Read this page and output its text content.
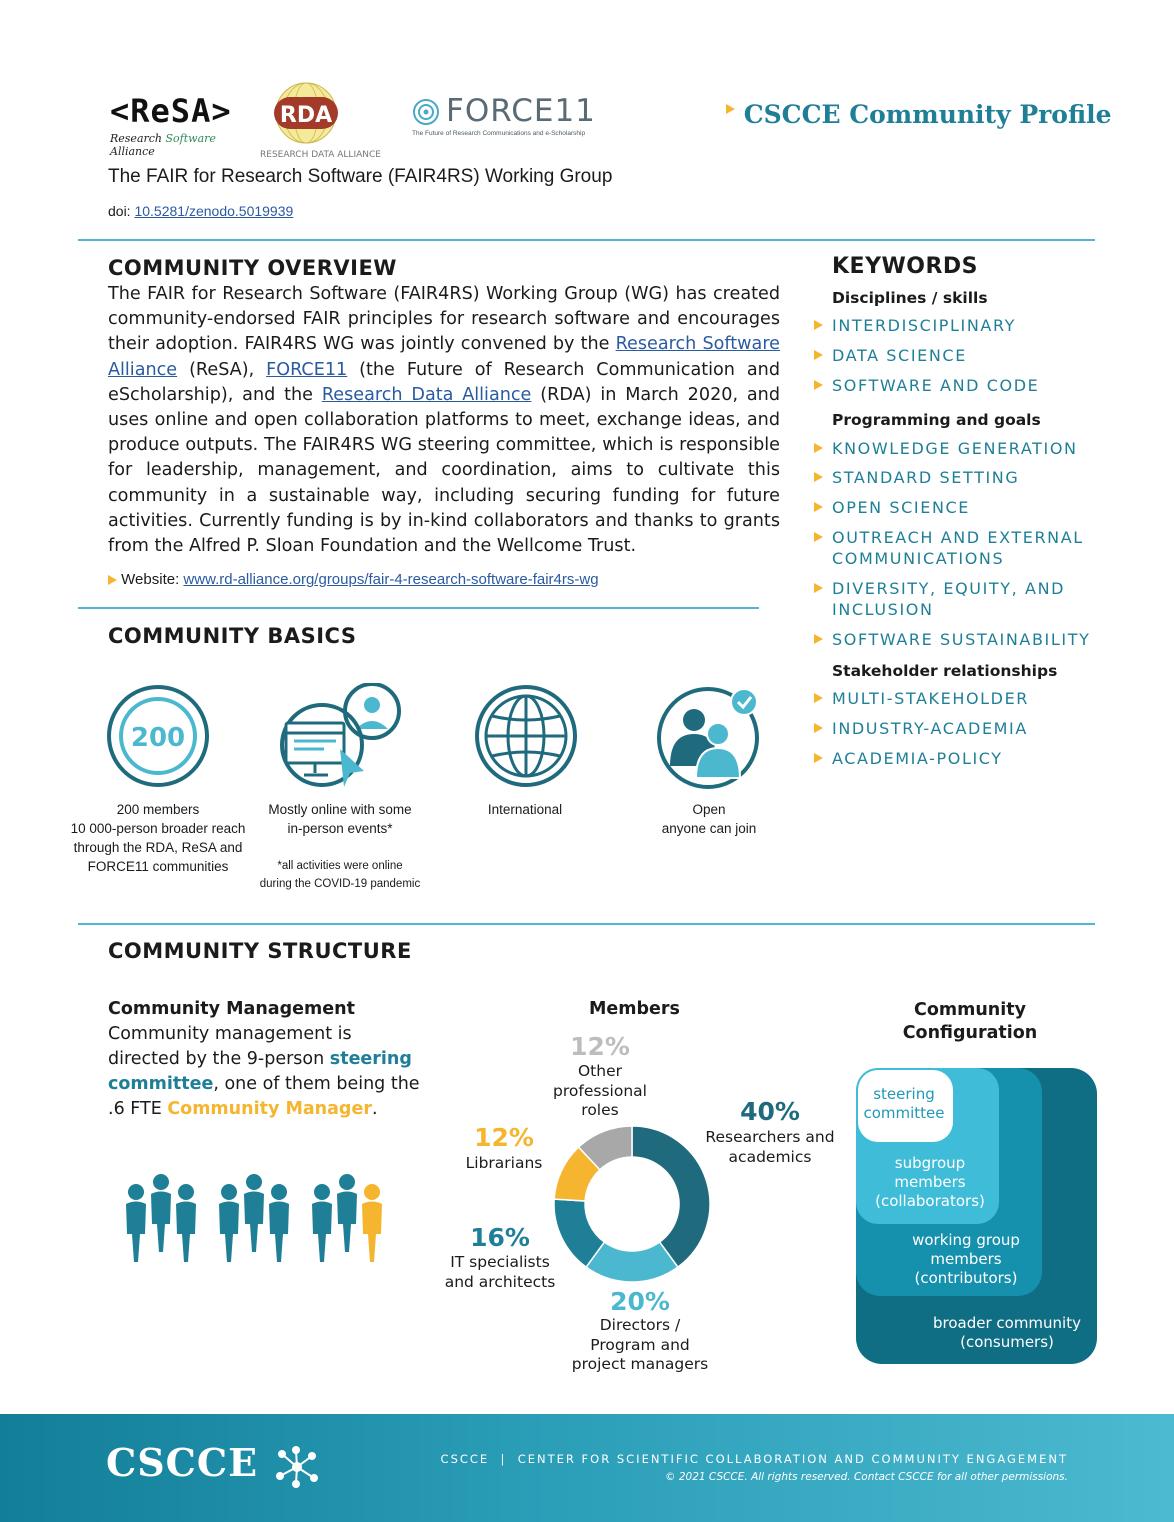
<ReSA>
Research Software Alliance
RDA
RESEARCH DATA ALLIANCE
FORCE11
The Future of Research Communications and e-Scholarship
CSCCE Community Profile
The FAIR for Research Software (FAIR4RS) Working Group
doi: 10.5281/zenodo.5019939
COMMUNITY OVERVIEW
The FAIR for Research Software (FAIR4RS) Working Group (WG) has created community-endorsed FAIR principles for research software and encourages their adoption. FAIR4RS WG was jointly convened by the Research Software Alliance (ReSA), FORCE11 (the Future of Research Communication and eScholarship), and the Research Data Alliance (RDA) in March 2020, and uses online and open collaboration platforms to meet, exchange ideas, and produce outputs. The FAIR4RS WG steering committee, which is responsible for leadership, management, and coordination, aims to cultivate this community in a sustainable way, including securing funding for future activities. Currently funding is by in-kind collaborators and thanks to grants from the Alfred P. Sloan Foundation and the Wellcome Trust.
Website: www.rd-alliance.org/groups/fair-4-research-software-fair4rs-wg
KEYWORDS
Disciplines / skills
INTERDISCIPLINARY
DATA SCIENCE
SOFTWARE AND CODE
Programming and goals
KNOWLEDGE GENERATION
STANDARD SETTING
OPEN SCIENCE
OUTREACH AND EXTERNAL COMMUNICATIONS
DIVERSITY, EQUITY, AND INCLUSION
SOFTWARE SUSTAINABILITY
Stakeholder relationships
MULTI-STAKEHOLDER
INDUSTRY-ACADEMIA
ACADEMIA-POLICY
COMMUNITY BASICS
200
200 members
10 000-person broader reach
through the RDA, ReSA and
FORCE11 communities
Mostly online with some
in-person events*
*all activities were online
during the COVID-19 pandemic
International	Open
anyone can join
COMMUNITY STRUCTURE
Community Management
Community management is directed by the 9-person steering committee, one of them being the .6 FTE Community Manager.
Members
40%
Researchers and
academics
20%
Directors /
Program and
project managers
16%
IT specialists
and architects
12%
Librarians
12%
Other
professional
roles
Community
Configuration
steering
committee
subgroup
members
(collaborators)
working group
members
(contributors)
broader community
(consumers)
CSCCE	CSCCE  |  CENTER FOR SCIENTIFIC COLLABORATION AND COMMUNITY ENGAGEMENT
© 2021 CSCCE. All rights reserved. Contact CSCCE for all other permissions.
